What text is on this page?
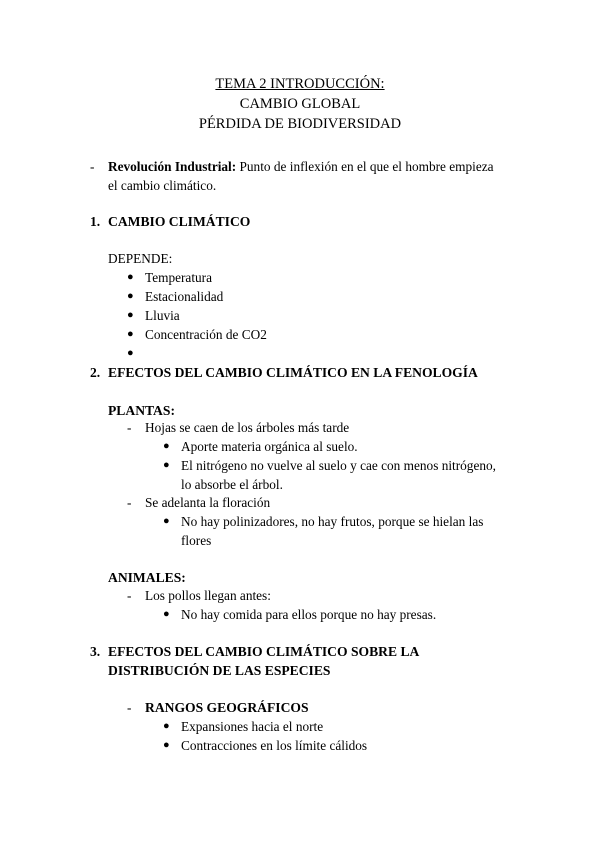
TEMA 2 INTRODUCCIÓN:
CAMBIO GLOBAL
PÉRDIDA DE BIODIVERSIDAD
- Revolución Industrial: Punto de inflexión en el que el hombre empieza
el cambio climático.
1. CAMBIO CLIMÁTICO
DEPENDE:
● Temperatura
● Estacionalidad
● Lluvia
● Concentración de CO2
●
2. EFECTOS DEL CAMBIO CLIMÁTICO EN LA FENOLOGÍA
PLANTAS:
- Hojas se caen de los árboles más tarde
● Aporte materia orgánica al suelo.
● El nitrógeno no vuelve al suelo y cae con menos nitrógeno,
lo absorbe el árbol.
- Se adelanta la floración
● No hay polinizadores, no hay frutos, porque se hielan las
flores
ANIMALES:
- Los pollos llegan antes:
● No hay comida para ellos porque no hay presas.
3. EFECTOS DEL CAMBIO CLIMÁTICO SOBRE LA
DISTRIBUCIÓN DE LAS ESPECIES
- RANGOS GEOGRÁFICOS
● Expansiones hacia el norte
● Contracciones en los límite cálidos
